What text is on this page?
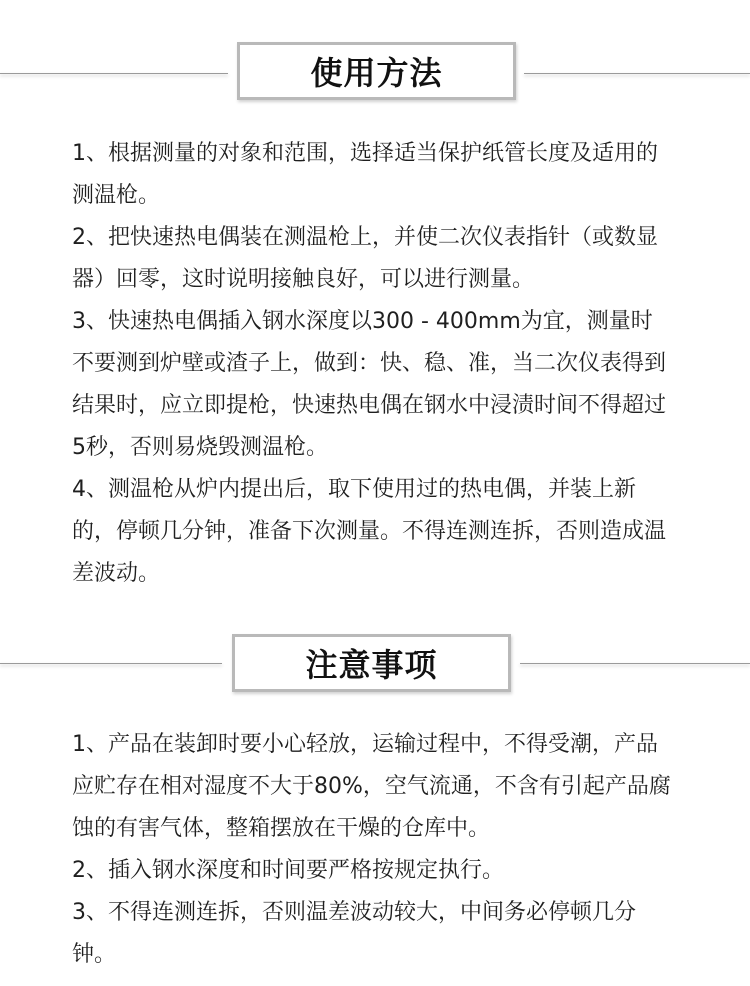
使用方法

1、根据测量的对象和范围，选择适当保护纸管长度及适用的测温枪。

2、把快速热电偶装在测温枪上，并使二次仪表指针（或数显器）回零，这时说明接触良好，可以进行测量。

3、快速热电偶插入钢水深度以300 - 400mm为宜，测量时不要测到炉壁或渣子上，做到：快、稳、准，当二次仪表得到结果时，应立即提枪，快速热电偶在钢水中浸渍时间不得超过5秒，否则易烧毁测温枪。

4、测温枪从炉内提出后，取下使用过的热电偶，并装上新的，停顿几分钟，准备下次测量。不得连测连拆，否则造成温差波动。

注意事项

1、产品在装卸时要小心轻放，运输过程中，不得受潮，产品应贮存在相对湿度不大于80%，空气流通，不含有引起产品腐蚀的有害气体，整箱摆放在干燥的仓库中。

2、插入钢水深度和时间要严格按规定执行。

3、不得连测连拆，否则温差波动较大，中间务必停顿几分钟。
